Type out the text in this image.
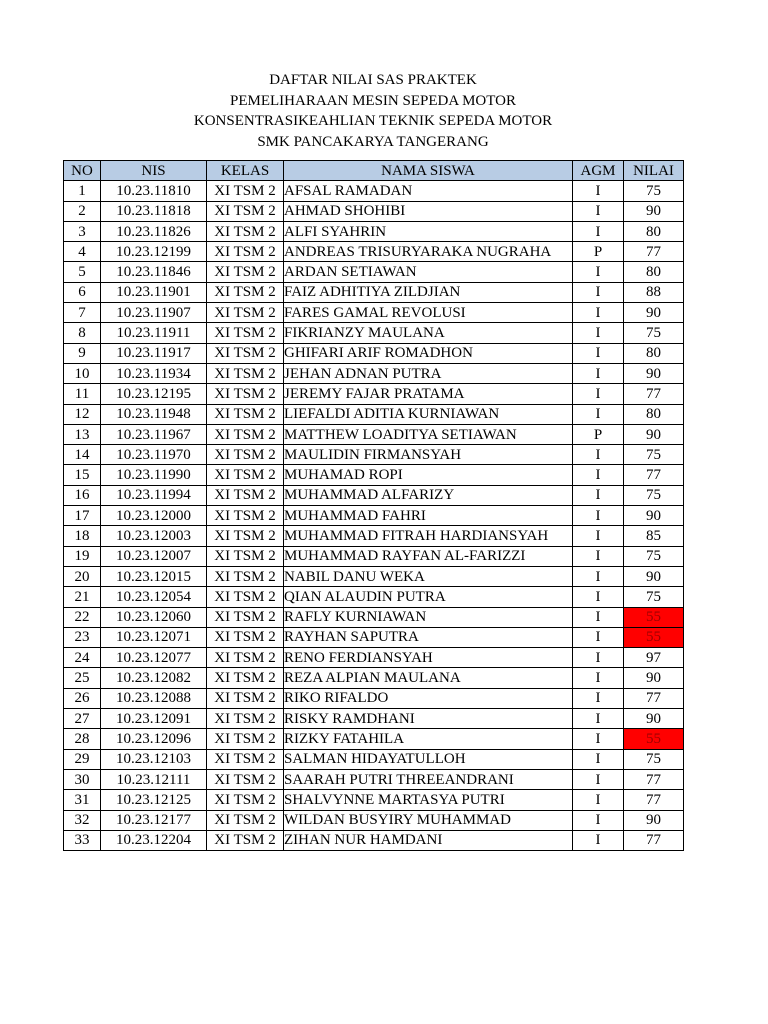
DAFTAR NILAI SAS PRAKTEK
PEMELIHARAAN MESIN SEPEDA MOTOR
KONSENTRASIKEAHLIAN TEKNIK SEPEDA MOTOR
SMK PANCAKARYA TANGERANG
NO	NIS	KELAS	NAMA SISWA	AGM	NILAI
1	10.23.11810	XI TSM 2	AFSAL RAMADAN	I	75
2	10.23.11818	XI TSM 2	AHMAD SHOHIBI	I	90
3	10.23.11826	XI TSM 2	ALFI SYAHRIN	I	80
4	10.23.12199	XI TSM 2	ANDREAS TRISURYARAKA NUGRAHA	P	77
5	10.23.11846	XI TSM 2	ARDAN SETIAWAN	I	80
6	10.23.11901	XI TSM 2	FAIZ ADHITIYA ZILDJIAN	I	88
7	10.23.11907	XI TSM 2	FARES GAMAL REVOLUSI	I	90
8	10.23.11911	XI TSM 2	FIKRIANZY MAULANA	I	75
9	10.23.11917	XI TSM 2	GHIFARI ARIF ROMADHON	I	80
10	10.23.11934	XI TSM 2	JEHAN ADNAN PUTRA	I	90
11	10.23.12195	XI TSM 2	JEREMY FAJAR PRATAMA	I	77
12	10.23.11948	XI TSM 2	LIEFALDI ADITIA KURNIAWAN	I	80
13	10.23.11967	XI TSM 2	MATTHEW LOADITYA SETIAWAN	P	90
14	10.23.11970	XI TSM 2	MAULIDIN FIRMANSYAH	I	75
15	10.23.11990	XI TSM 2	MUHAMAD ROPI	I	77
16	10.23.11994	XI TSM 2	MUHAMMAD ALFARIZY	I	75
17	10.23.12000	XI TSM 2	MUHAMMAD FAHRI	I	90
18	10.23.12003	XI TSM 2	MUHAMMAD FITRAH HARDIANSYAH	I	85
19	10.23.12007	XI TSM 2	MUHAMMAD RAYFAN AL-FARIZZI	I	75
20	10.23.12015	XI TSM 2	NABIL DANU WEKA	I	90
21	10.23.12054	XI TSM 2	QIAN ALAUDIN PUTRA	I	75
22	10.23.12060	XI TSM 2	RAFLY KURNIAWAN	I	55
23	10.23.12071	XI TSM 2	RAYHAN SAPUTRA	I	55
24	10.23.12077	XI TSM 2	RENO FERDIANSYAH	I	97
25	10.23.12082	XI TSM 2	REZA ALPIAN MAULANA	I	90
26	10.23.12088	XI TSM 2	RIKO RIFALDO	I	77
27	10.23.12091	XI TSM 2	RISKY RAMDHANI	I	90
28	10.23.12096	XI TSM 2	RIZKY FATAHILA	I	55
29	10.23.12103	XI TSM 2	SALMAN HIDAYATULLOH	I	75
30	10.23.12111	XI TSM 2	SAARAH PUTRI THREEANDRANI	I	77
31	10.23.12125	XI TSM 2	SHALVYNNE MARTASYA PUTRI	I	77
32	10.23.12177	XI TSM 2	WILDAN BUSYIRY MUHAMMAD	I	90
33	10.23.12204	XI TSM 2	ZIHAN NUR HAMDANI	I	77
